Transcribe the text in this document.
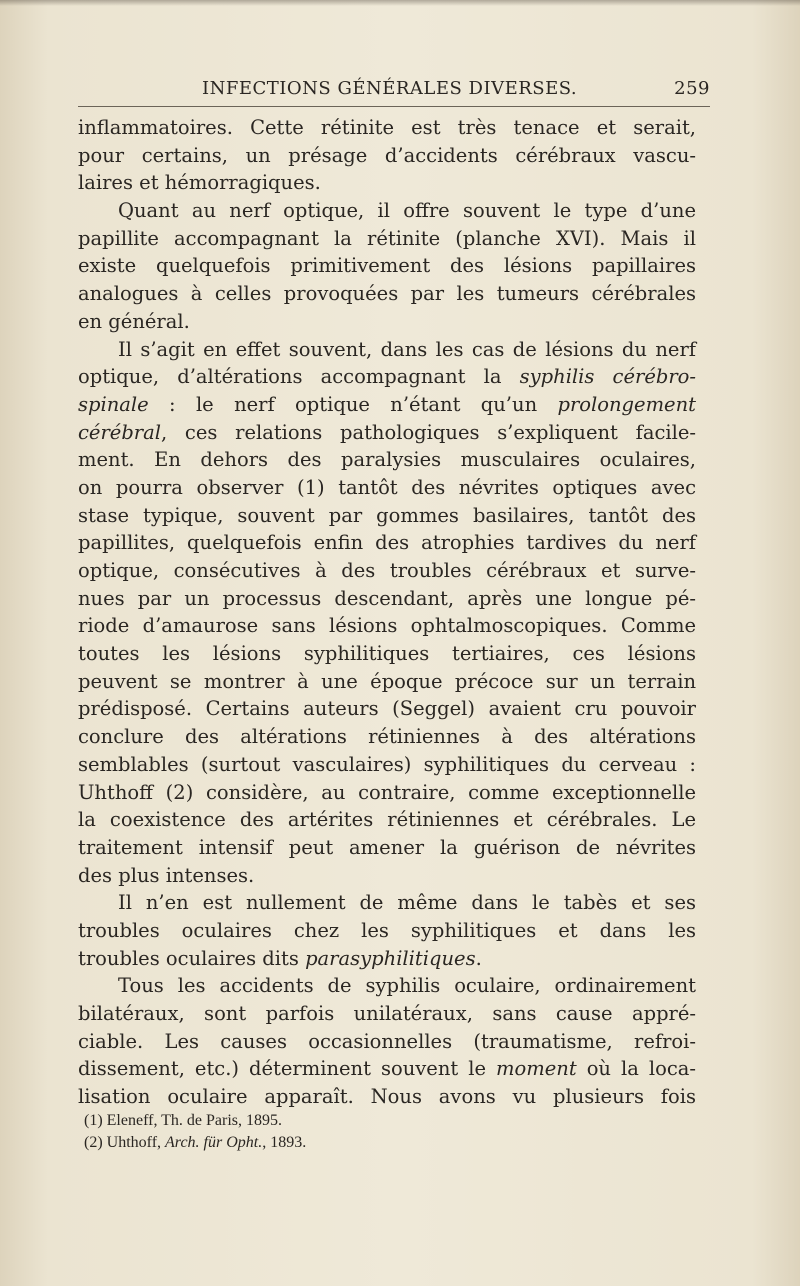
INFECTIONS GÉNÉRALES DIVERSES.	259
inflammatoires. Cette rétinite est très tenace et serait,
pour certains, un présage d’accidents cérébraux vascu-
laires et hémorragiques.
Quant au nerf optique, il offre souvent le type d’une
papillite accompagnant la rétinite (planche XVI). Mais il
existe quelquefois primitivement des lésions papillaires
analogues à celles provoquées par les tumeurs cérébrales
en général.
Il s’agit en effet souvent, dans les cas de lésions du nerf
optique, d’altérations accompagnant la syphilis cérébro-
spinale : le nerf optique n’étant qu’un prolongement
cérébral, ces relations pathologiques s’expliquent facile-
ment. En dehors des paralysies musculaires oculaires,
on pourra observer (1) tantôt des névrites optiques avec
stase typique, souvent par gommes basilaires, tantôt des
papillites, quelquefois enfin des atrophies tardives du nerf
optique, consécutives à des troubles cérébraux et surve-
nues par un processus descendant, après une longue pé-
riode d’amaurose sans lésions ophtalmoscopiques. Comme
toutes les lésions syphilitiques tertiaires, ces lésions
peuvent se montrer à une époque précoce sur un terrain
prédisposé. Certains auteurs (Seggel) avaient cru pouvoir
conclure des altérations rétiniennes à des altérations
semblables (surtout vasculaires) syphilitiques du cerveau :
Uhthoff (2) considère, au contraire, comme exceptionnelle
la coexistence des artérites rétiniennes et cérébrales. Le
traitement intensif peut amener la guérison de névrites
des plus intenses.
Il n’en est nullement de même dans le tabès et ses
troubles oculaires chez les syphilitiques et dans les
troubles oculaires dits parasyphilitiques.
Tous les accidents de syphilis oculaire, ordinairement
bilatéraux, sont parfois unilatéraux, sans cause appré-
ciable. Les causes occasionnelles (traumatisme, refroi-
dissement, etc.) déterminent souvent le moment où la loca-
lisation oculaire apparaît. Nous avons vu plusieurs fois
(1) Eleneff, Th. de Paris, 1895.
(2) Uhthoff, Arch. für Opht., 1893.
